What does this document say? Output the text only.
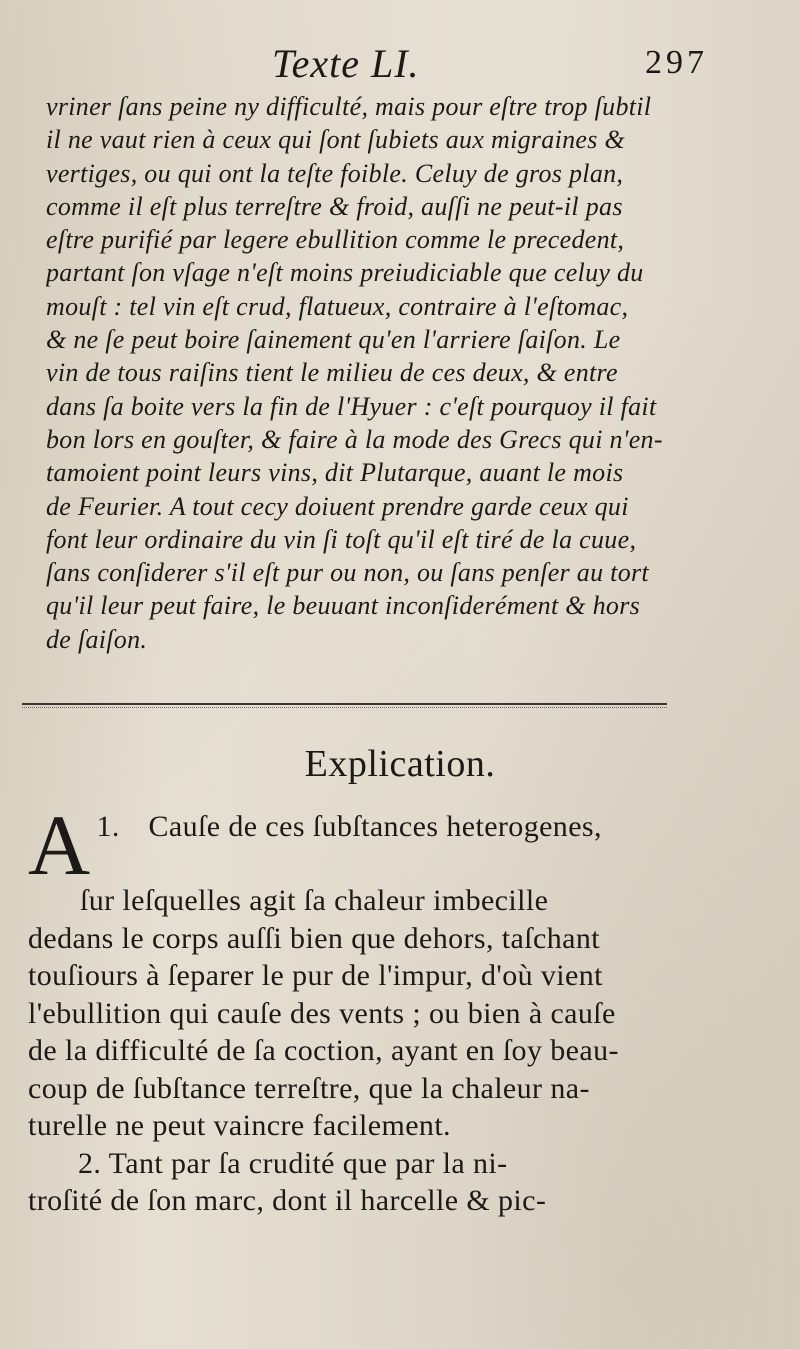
Texte LI.	297
vriner ſans peine ny difficulté, mais pour eſtre trop ſubtil
il ne vaut rien à ceux qui ſont ſubiets aux migraines &
vertiges, ou qui ont la teſte foible. Celuy de gros plan,
comme il eſt plus terreſtre & froid, auſſi ne peut-il pas
eſtre purifié par legere ebullition comme le precedent,
partant ſon vſage n'eſt moins preiudiciable que celuy du
mouſt : tel vin eſt crud, flatueux, contraire à l'eſtomac,
& ne ſe peut boire ſainement qu'en l'arriere ſaiſon. Le
vin de tous raiſins tient le milieu de ces deux, & entre
dans ſa boite vers la fin de l'Hyuer : c'eſt pourquoy il fait
bon lors en gouſter, & faire à la mode des Grecs qui n'en-
tamoient point leurs vins, dit Plutarque, auant le mois
de Feurier. A tout cecy doiuent prendre garde ceux qui
font leur ordinaire du vin ſi toſt qu'il eſt tiré de la cuue,
ſans conſiderer s'il eſt pur ou non, ou ſans penſer au tort
qu'il leur peut faire, le beuuant inconſiderément & hors
de ſaiſon.
Explication.
1.
A Cauſe de ces ſubſtances heterogenes,
ſur leſquelles agit ſa chaleur imbecille
dedans le corps auſſi bien que dehors, taſchant
touſiours à ſeparer le pur de l'impur, d'où vient
l'ebullition qui cauſe des vents ; ou bien à cauſe
de la difficulté de ſa coction, ayant en ſoy beau-
coup de ſubſtance terreſtre, que la chaleur na-
turelle ne peut vaincre facilement.
2. Tant par ſa crudité que par la ni-
troſité de ſon marc, dont il harcelle & pic-
